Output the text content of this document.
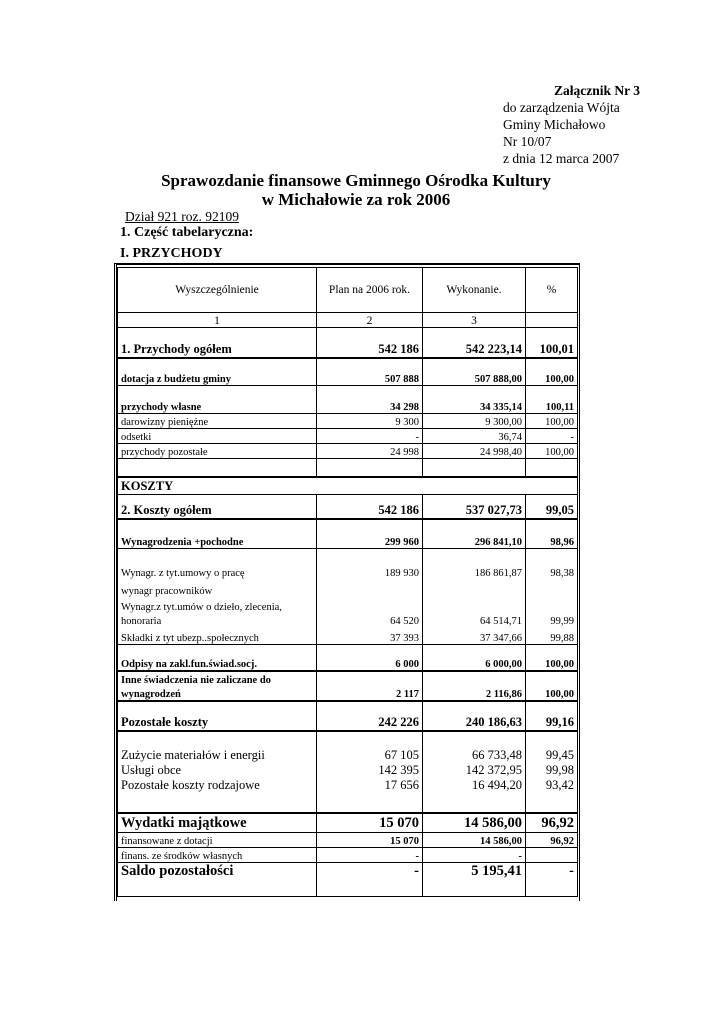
Załącznik Nr 3
do zarządzenia Wójta
Gminy Michałowo
Nr 10/07
z dnia 12 marca 2007
Sprawozdanie finansowe Gminnego Ośrodka Kultury
w Michałowie za rok 2006
Dział 921 roz. 92109
1. Część tabelaryczna:
I. PRZYCHODY
Wyszczególnienie	Plan na 2006 rok.	Wykonanie.	%
1	2	3	
1. Przychody ogółem	542 186	542 223,14	100,01
dotacja z budżetu gminy	507 888	507 888,00	100,00
przychody własne	34 298	34 335,14	100,11
darowizny pieniężne	9 300	9 300,00	100,00
odsetki	-	36,74	-
przychody pozostałe	24 998	24 998,40	100,00

KOSZTY			
2. Koszty ogółem	542 186	537 027,73	99,05
Wynagrodzenia +pochodne	299 960	296 841,10	98,96
Wynagr. z tyt.umowy o pracę	189 930	186 861,87	98,38
wynagr pracowników			
Wynagr.z tyt.umów o dzieło, zlecenia,			
honoraria	64 520	64 514,71	99,99
Składki z tyt ubezp..społecznych	37 393	37 347,66	99,88
Odpisy na zakl.fun.świad.socj.	6 000	6 000,00	100,00
Inne świadczenia nie zaliczane do			
wynagrodzeń	2 117	2 116,86	100,00
Pozostałe koszty	242 226	240 186,63	99,16
Zużycie materiałów i energii	67 105	66 733,48	99,45
Usługi obce	142 395	142 372,95	99,98
Pozostałe koszty rodzajowe	17 656	16 494,20	93,42

Wydatki majątkowe	15 070	14 586,00	96,92
finansowane z dotacji	15 070	14 586,00	96,92
finans. ze środków własnych	-	-	
Saldo pozostałości	-	5 195,41	-
